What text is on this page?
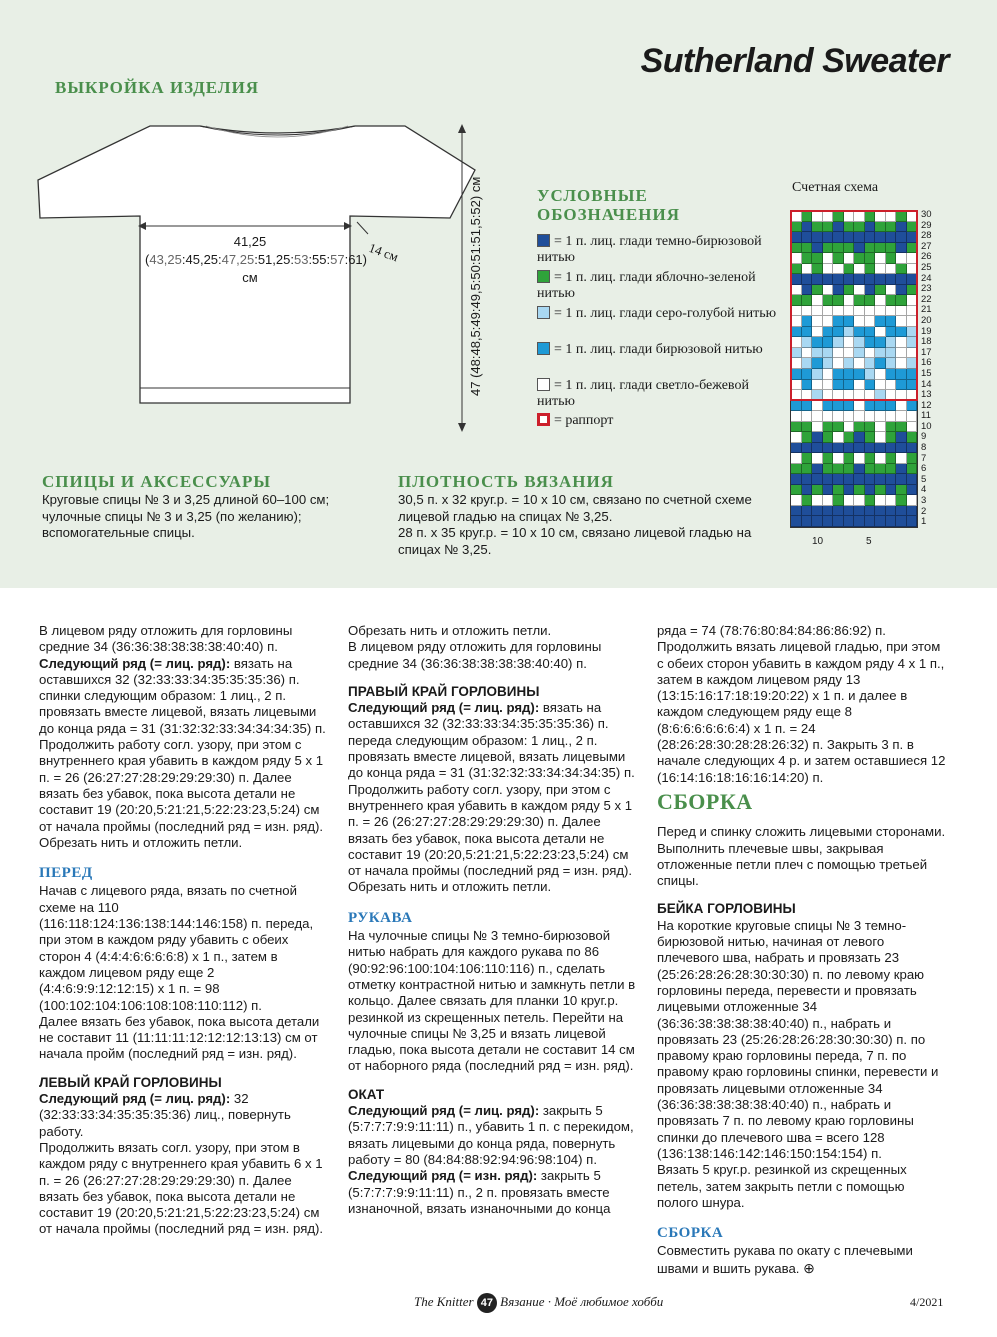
Sutherland Sweater
ВЫКРОЙКА ИЗДЕЛИЯ
41,25 (43,25:45,25:47,25:51,25:53:55:57:61) см
14 см	47 (48:48,5:49:49,5:50:51:51,5:52) см	УСЛОВНЫЕ
ОБОЗНАЧЕНИЯ
= 1 п. лиц. глади темно-бирюзовой нитью
= 1 п. лиц. глади яблочно-зеленой нитью
= 1 п. лиц. глади серо-голубой нитью
= 1 п. лиц. глади бирюзовой нитью
= 1 п. лиц. глади светло-бежевой нитью
= раппорт
Счетная схема
30
29
28
27
26
25
24
23
22
21
20
19
18
17
16
15
14
13
12
11
10
9
8
7
6
5
4
3
2
1
10	5
СПИЦЫ И АКСЕССУАРЫ
Круговые спицы № 3 и 3,25 длиной 60–100 см; чулочные спицы № 3 и 3,25 (по желанию); вспомогательные спицы.
ПЛОТНОСТЬ ВЯЗАНИЯ
30,5 п. x 32 круг.р. = 10 x 10 см, связано по счетной схеме лицевой гладью на спицах № 3,25.
28 п. x 35 круг.р. = 10 x 10 см, связано лицевой гладью на спицах № 3,25.

В лицевом ряду отложить для горловины средние 34 (36:36:38:38:38:38:40:40) п.

Следующий ряд (= лиц. ряд): вязать на оставшихся 32 (32:33:33:34:35:35:35:36) п. спинки следующим образом: 1 лиц., 2 п. провязать вместе лицевой, вязать лицевыми до конца ряда = 31 (31:32:32:33:34:34:34:35) п. Продолжить работу согл. узору, при этом с внутреннего края убавить в каждом ряду 5 x 1 п. = 26 (26:27:27:28:29:29:29:30) п. Далее вязать без убавок, пока высота детали не составит 19 (20:20,5:21:21,5:22:23:23,5:24) см от начала проймы (последний ряд = изн. ряд).

Обрезать нить и отложить петли.

ПЕРЕД

Начав с лицевого ряда, вязать по счетной схеме на 110 (116:118:124:136:138:144:146:158) п. переда, при этом в каждом ряду убавить с обеих сторон 4 (4:4:4:6:6:6:6:8) x 1 п., затем в каждом лицевом ряду еще 2 (4:4:6:9:9:12:12:15) x 1 п. = 98 (100:102:104:106:108:108:110:112) п.

Далее вязать без убавок, пока высота детали не составит 11 (11:11:11:12:12:12:13:13) см от начала пройм (последний ряд = изн. ряд).

ЛЕВЫЙ КРАЙ ГОРЛОВИНЫ

Следующий ряд (= лиц. ряд): 32 (32:33:33:34:35:35:35:36) лиц., повернуть работу.

Продолжить вязать согл. узору, при этом в каждом ряду с внутреннего края убавить 6 x 1 п. = 26 (26:27:27:28:29:29:29:30) п. Далее вязать без убавок, пока высота детали не составит 19 (20:20,5:21:21,5:22:23:23,5:24) см от начала проймы (последний ряд = изн. ряд).

Обрезать нить и отложить петли.

В лицевом ряду отложить для горловины средние 34 (36:36:38:38:38:38:40:40) п.

ПРАВЫЙ КРАЙ ГОРЛОВИНЫ

Следующий ряд (= лиц. ряд): вязать на оставшихся 32 (32:33:33:34:35:35:35:36) п. переда следующим образом: 1 лиц., 2 п. провязать вместе лицевой, вязать лицевыми до конца ряда = 31 (31:32:32:33:34:34:34:35) п. Продолжить работу согл. узору, при этом с внутреннего края убавить в каждом ряду 5 x 1 п. = 26 (26:27:27:28:29:29:29:30) п. Далее вязать без убавок, пока высота детали не составит 19 (20:20,5:21:21,5:22:23:23,5:24) см от начала проймы (последний ряд = изн. ряд).

Обрезать нить и отложить петли.

РУКАВА

На чулочные спицы № 3 темно-бирюзовой нитью набрать для каждого рукава по 86 (90:92:96:100:104:106:110:116) п., сделать отметку контрастной нитью и замкнуть петли в кольцо. Далее связать для планки 10 круг.р. резинкой из скрещенных петель. Перейти на чулочные спицы № 3,25 и вязать лицевой гладью, пока высота детали не составит 14 см от наборного ряда (последний ряд = изн. ряд).

ОКАТ

Следующий ряд (= лиц. ряд): закрыть 5 (5:7:7:7:9:9:11:11) п., убавить 1 п. с перекидом, вязать лицевыми до конца ряда, повернуть работу = 80 (84:84:88:92:94:96:98:104) п.

Следующий ряд (= изн. ряд): закрыть 5 (5:7:7:7:9:9:11:11) п., 2 п. провязать вместе изнаночной, вязать изнаночными до конца

ряда = 74 (78:76:80:84:84:86:86:92) п. Продолжить вязать лицевой гладью, при этом с обеих сторон убавить в каждом ряду 4 x 1 п., затем в каждом лицевом ряду 13 (13:15:16:17:18:19:20:22) x 1 п. и далее в каждом следующем ряду еще 8 (8:6:6:6:6:6:6:4) x 1 п. = 24 (28:26:28:30:28:28:26:32) п. Закрыть 3 п. в начале следующих 4 р. и затем оставшиеся 12 (16:14:16:18:16:16:14:20) п.

СБОРКА

Перед и спинку сложить лицевыми сторонами. Выполнить плечевые швы, закрывая отложенные петли плеч с помощью третьей спицы.

БЕЙКА ГОРЛОВИНЫ

На короткие круговые спицы № 3 темно-бирюзовой нитью, начиная от левого плечевого шва, набрать и провязать 23 (25:26:28:26:28:30:30:30) п. по левому краю горловины переда, перевести и провязать лицевыми отложенные 34 (36:36:38:38:38:38:40:40) п., набрать и провязать 23 (25:26:28:26:28:30:30:30) п. по правому краю горловины переда, 7 п. по правому краю горловины спинки, перевести и провязать лицевыми отложенные 34 (36:36:38:38:38:38:40:40) п., набрать и провязать 7 п. по левому краю горловины спинки до плечевого шва = всего 128 (136:138:146:142:146:150:154:154) п.

Вязать 5 круг.р. резинкой из скрещенных петель, затем закрыть петли с помощью полого шнура.

СБОРКА

Совместить рукава по окату с плечевыми швами и вшить рукава. ⊕

The Knitter 47 Вязание · Моё любимое хобби	4/2021
